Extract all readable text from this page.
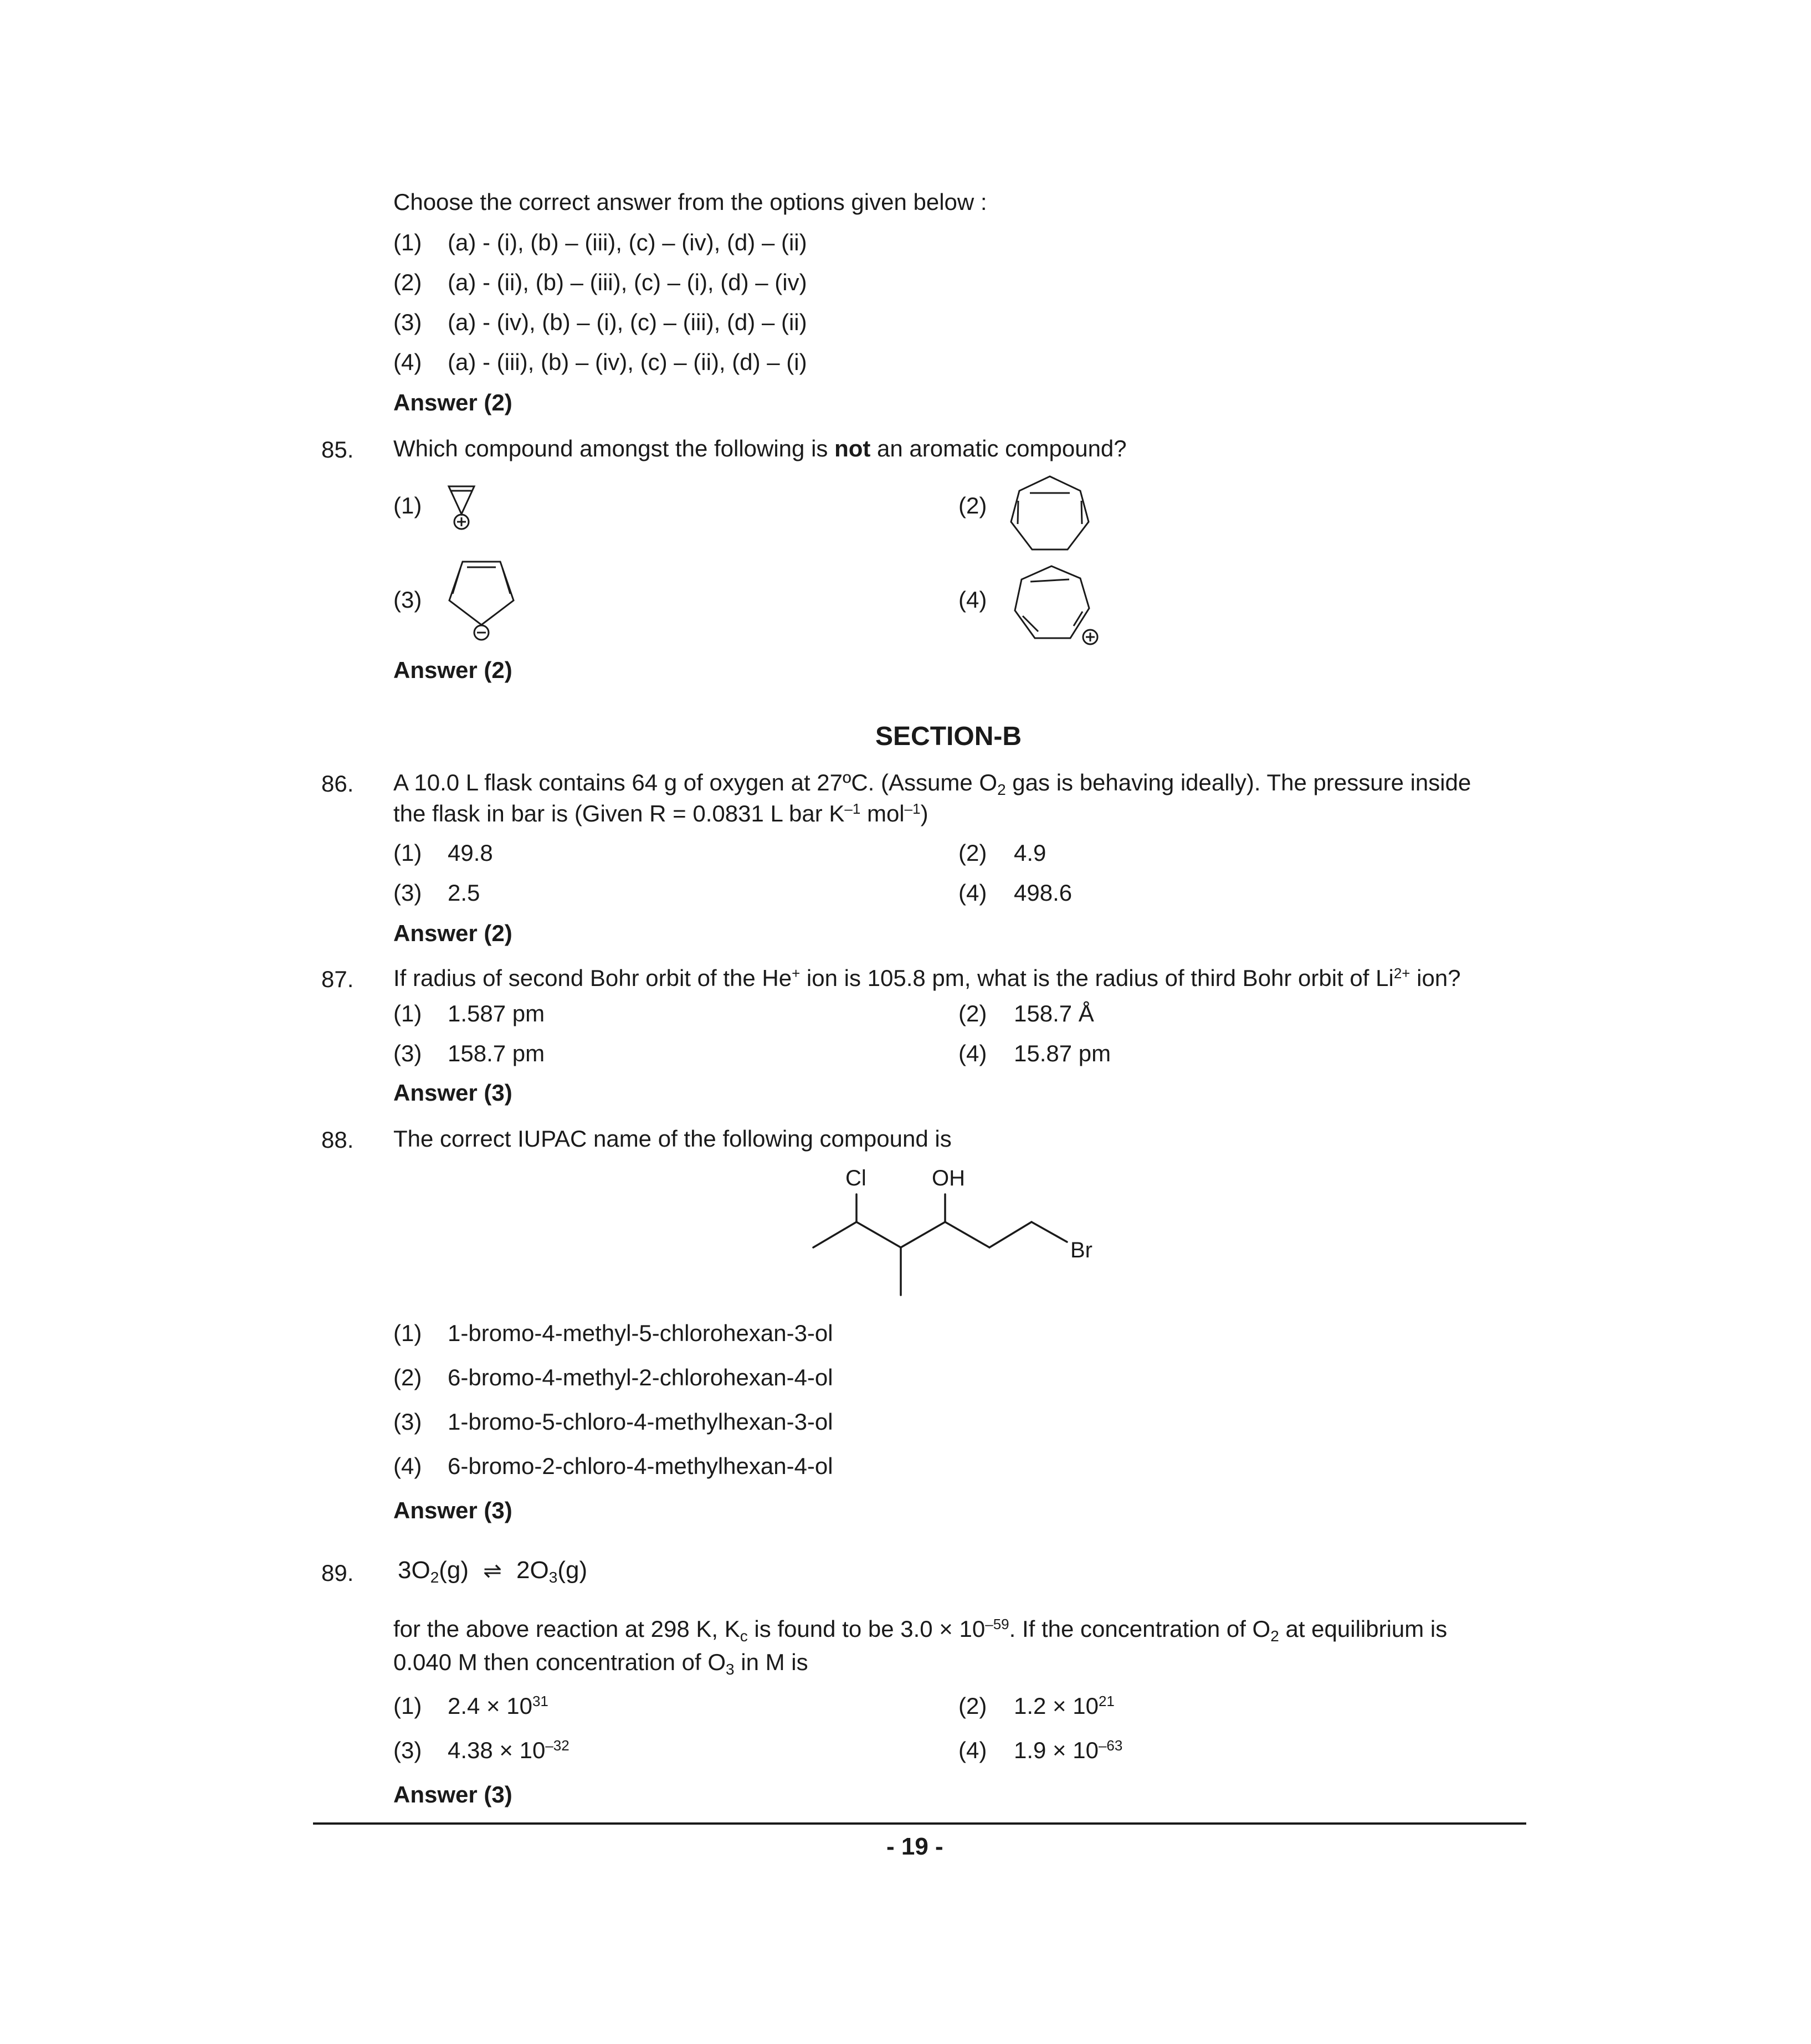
Choose the correct answer from the options given below :
(1) (a) - (i), (b) – (iii), (c) – (iv), (d) – (ii)
(2) (a) - (ii), (b) – (iii), (c) – (i), (d) – (iv)
(3) (a) - (iv), (b) – (i), (c) – (iii), (d) – (ii)
(4) (a) - (iii), (b) – (iv), (c) – (ii), (d) – (i)
Answer (2)
85. Which compound amongst the following is not an aromatic compound?
(1)	(2)
(3)	(4)
Answer (2)
SECTION-B
86. A 10.0 L flask contains 64 g of oxygen at 27ºC. (Assume $O_2$ gas is behaving ideally). The pressure inside
the flask in bar is (Given R = 0.0831 L bar $K^{-1}$ mol$^{-1}$)
(1) 49.8	(2) 4.9
(3) 2.5	(4) 498.6
Answer (2)
87. If radius of second Bohr orbit of the He+ ion is 105.8 pm, what is the radius of third Bohr orbit of $Li^{2+}$ ion?
(1) 1.587 pm	(2) 158.7 Å
(3) 158.7 pm	(4) 15.87 pm
Answer (3)
88. The correct IUPAC name of the following compound is
Cl	OH
Br
(1) 1-bromo-4-methyl-5-chlorohexan-3-ol
(2) 6-bromo-4-methyl-2-chlorohexan-4-ol
(3) 1-bromo-5-chloro-4-methylhexan-3-ol
(4) 6-bromo-2-chloro-4-methylhexan-4-ol
Answer (3)
89. $3O_2(g)$ ⇌ $2O_3(g)$
for the above reaction at 298 K, $K_c$ is found to be $3.0 \times 10^{-59}$. If the concentration of $O_2$ at equilibrium is
0.040 M then concentration of $O_3$ in M is
(1) $2.4 \times 10^{31}$	(2) $1.2 \times 10^{21}$
(3) $4.38 \times 10^{-32}$	(4) $1.9 \times 10^{-63}$
Answer (3)
- 19 -
